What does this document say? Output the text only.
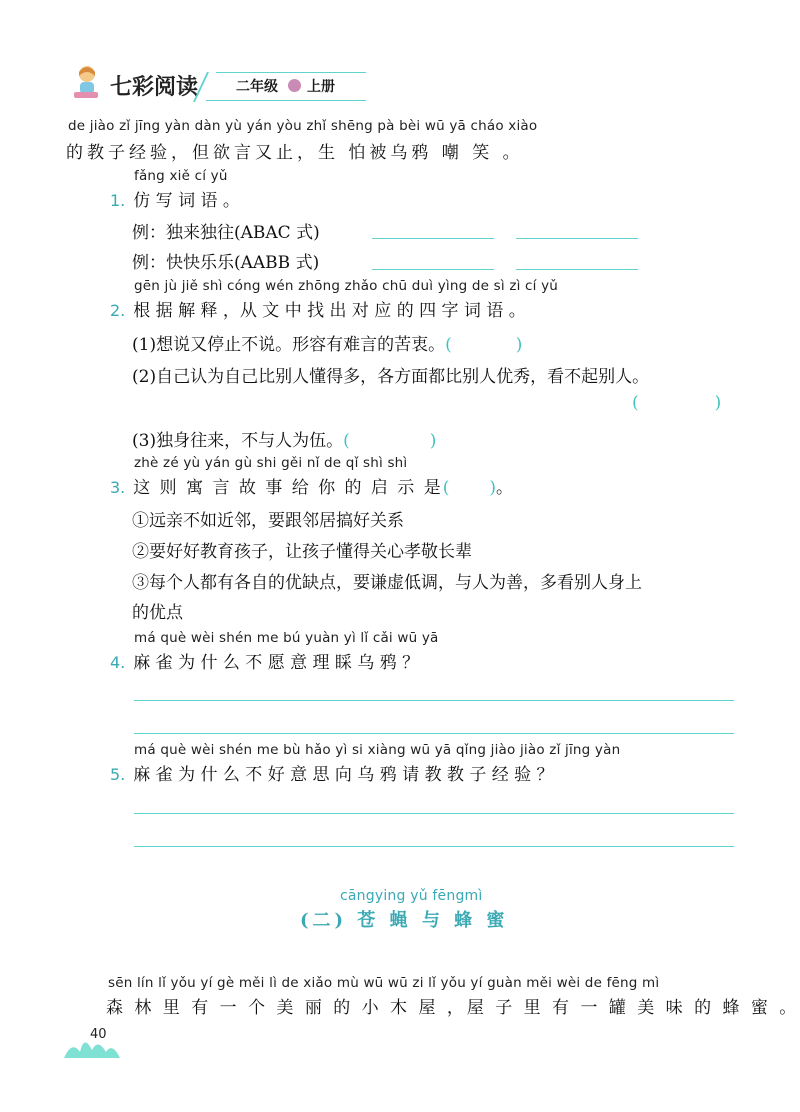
七彩阅读	二年级 上册
de jiào zǐ jīng yàn dàn yù yán yòu zhǐ shēng pà bèi wū yā cháo xiào
的教子经验，但欲言又止，生 怕被乌鸦 嘲 笑 。
fǎng xiě cí yǔ
1. 仿 写 词 语 。
例：独来独往(ABAC 式)
例：快快乐乐(AABB 式)
gēn jù jiě shì cóng wén zhōng zhǎo chū duì yìng de sì zì cí yǔ
2. 根 据 解 释 ，从 文 中 找 出 对 应 的 四 字 词 语 。
(1)想说又停止不说。形容有难言的苦衷。(	)
(2)自己认为自己比别人懂得多，各方面都比别人优秀，看不起别人。
(	)
(3)独身往来，不与人为伍。(	)
zhè zé yù yán gù shi gěi nǐ de qǐ shì shì
3. 这 则 寓 言 故 事 给 你 的 启 示 是( )。
①远亲不如近邻，要跟邻居搞好关系
②要好好教育孩子，让孩子懂得关心孝敬长辈
③每个人都有各自的优缺点，要谦虚低调，与人为善，多看别人身上
的优点
má què wèi shén me bú yuàn yì lǐ cǎi wū yā
4. 麻 雀 为 什 么 不 愿 意 理 睬 乌 鸦 ？
má què wèi shén me bù hǎo yì si xiàng wū yā qǐng jiào jiào zǐ jīng yàn
5. 麻 雀 为 什 么 不 好 意 思 向 乌 鸦 请 教 教 子 经 验 ？
cāngying yǔ fēngmì
(二) 苍 蝇 与 蜂 蜜
sēn lín lǐ yǒu yí gè měi lì de xiǎo mù wū wū zi lǐ yǒu yí guàn měi wèi de fēng mì
森 林 里 有 一 个 美 丽 的 小 木 屋 ，屋 子 里 有 一 罐 美 味 的 蜂 蜜 。
40
